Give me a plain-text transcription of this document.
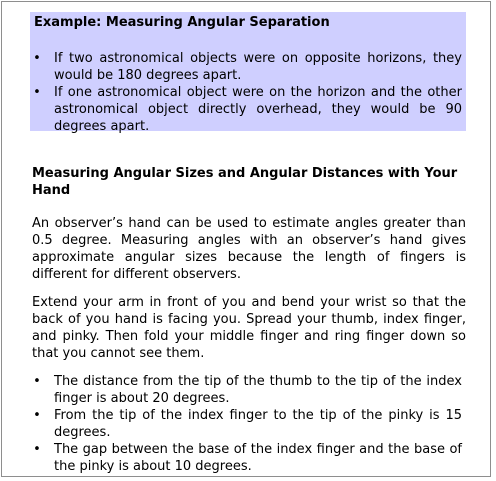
Example: Measuring Angular Separation
• If two astronomical objects were on opposite horizons, they would be 180 degrees apart.
• If one astronomical object were on the horizon and the other astronomical object directly overhead, they would be 90 degrees apart.
Measuring Angular Sizes and Angular Distances with Your Hand

An observer’s hand can be used to estimate angles greater than 0.5 degree. Measuring angles with an observer’s hand gives approximate angular sizes because the length of fingers is different for different observers.

Extend your arm in front of you and bend your wrist so that the back of you hand is facing you. Spread your thumb, index finger, and pinky. Then fold your middle finger and ring finger down so that you cannot see them.

• The distance from the tip of the thumb to the tip of the index finger is about 20 degrees.
• From the tip of the index finger to the tip of the pinky is 15 degrees.
• The gap between the base of the index finger and the base of the pinky is about 10 degrees.
